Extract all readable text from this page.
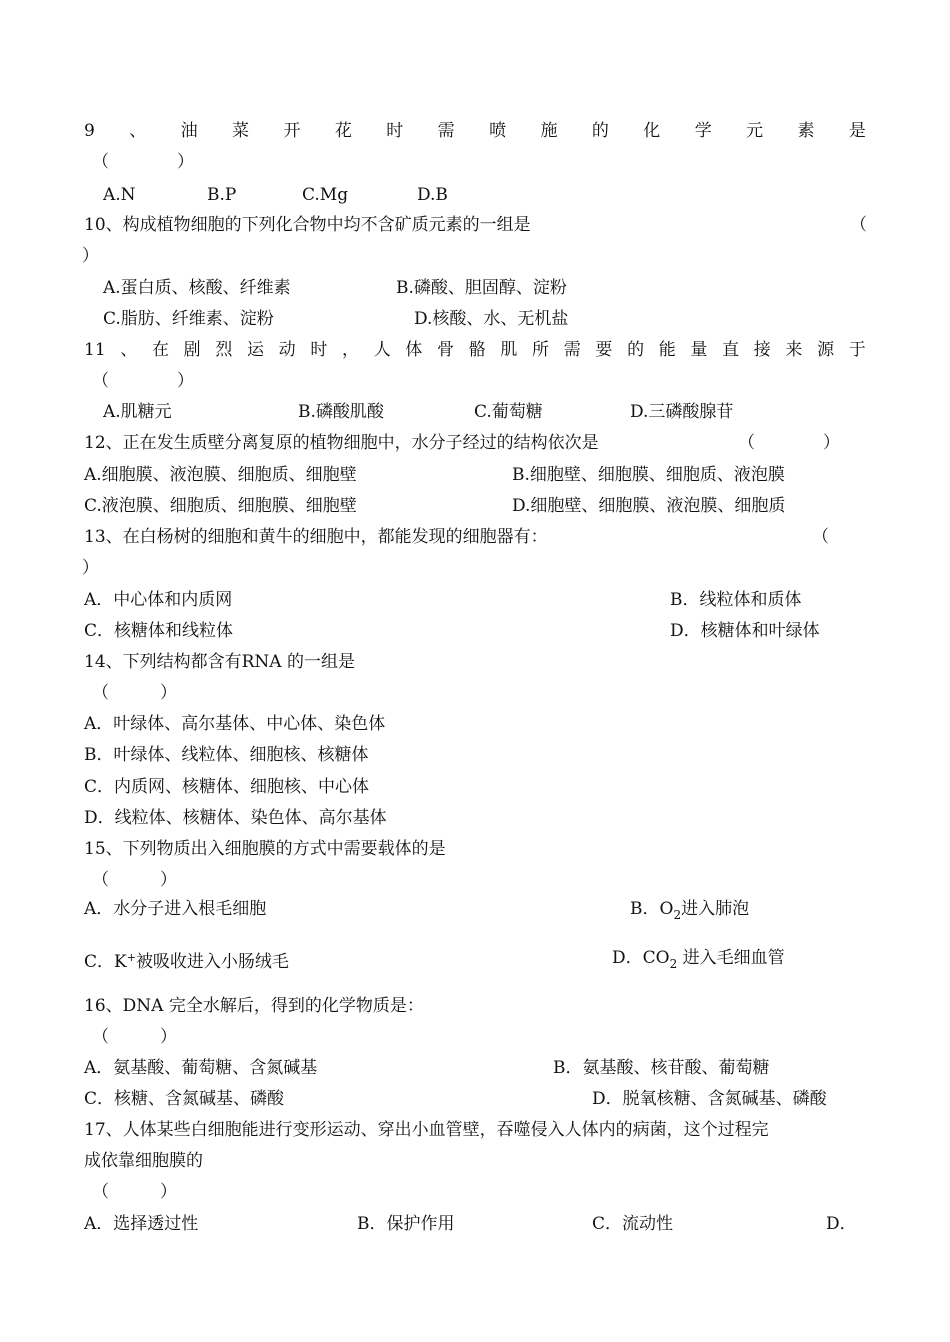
9 、 油 菜 开 花 时 需 喷 施 的 化 学 元 素 是
（　　　　）
A.N	B.P	C.Mg	D.B
10、构成植物细胞的下列化合物中均不含矿质元素的一组是	（
）
A.蛋白质、核酸、纤维素	B.磷酸、胆固醇、淀粉
C.脂肪、纤维素、淀粉	D.核酸、水、无机盐
11 、 在 剧 烈 运 动 时 ， 人 体 骨 骼 肌 所 需 要 的 能 量 直 接 来 源 于
（　　　　）
A.肌糖元	B.磷酸肌酸	C.葡萄糖	D.三磷酸腺苷
12、正在发生质壁分离复原的植物细胞中，水分子经过的结构依次是	（　　　　）
A.细胞膜、液泡膜、细胞质、细胞壁	B.细胞壁、细胞膜、细胞质、液泡膜
C.液泡膜、细胞质、细胞膜、细胞壁	D.细胞壁、细胞膜、液泡膜、细胞质
13、在白杨树的细胞和黄牛的细胞中，都能发现的细胞器有：	（
）
A．中心体和内质网	B．线粒体和质体
C．核糖体和线粒体	D．核糖体和叶绿体
14、下列结构都含有RNA 的一组是
（　　　）
A．叶绿体、高尔基体、中心体、染色体
B．叶绿体、线粒体、细胞核、核糖体
C．内质网、核糖体、细胞核、中心体
D．线粒体、核糖体、染色体、高尔基体
15、下列物质出入细胞膜的方式中需要载体的是
（　　　）
A．水分子进入根毛细胞	B．$O_2$进入肺泡
C．K+被吸收进入小肠绒毛	D．$CO_2$ 进入毛细血管
16、DNA 完全水解后，得到的化学物质是：
（　　　）
A．氨基酸、葡萄糖、含氮碱基	B．氨基酸、核苷酸、葡萄糖
C．核糖、含氮碱基、磷酸	D．脱氧核糖、含氮碱基、磷酸
17、人体某些白细胞能进行变形运动、穿出小血管壁，吞噬侵入人体内的病菌，这个过程完
成依靠细胞膜的
（　　　）
A．选择透过性	B．保护作用	C．流动性	D．
